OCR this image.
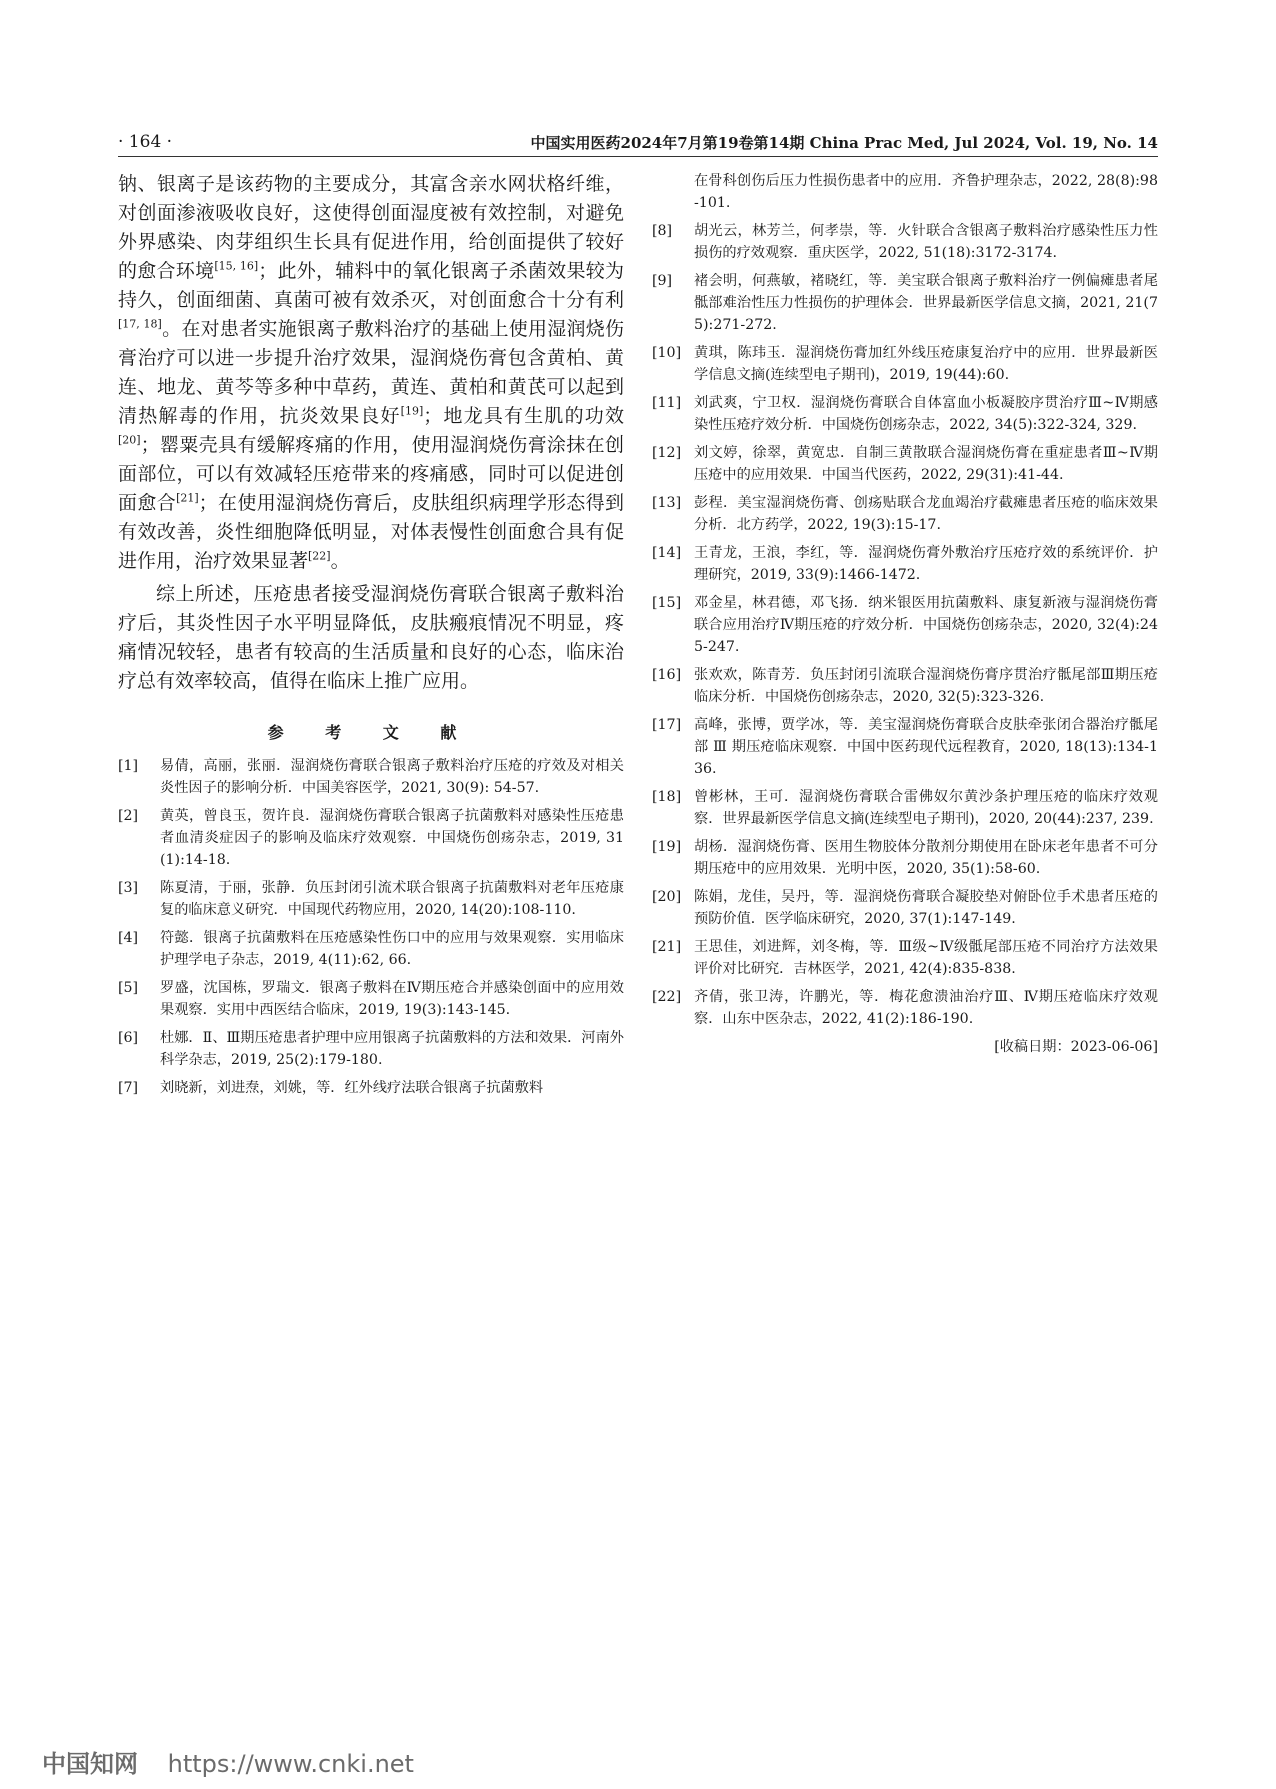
· 164 ·	中国实用医药2024年7月第19卷第14期 China Prac Med, Jul 2024, Vol. 19, No. 14

钠、银离子是该药物的主要成分，其富含亲水网状格纤维，对创面渗液吸收良好，这使得创面湿度被有效控制，对避免外界感染、肉芽组织生长具有促进作用，给创面提供了较好的愈合环境[15, 16]；此外，辅料中的氧化银离子杀菌效果较为持久，创面细菌、真菌可被有效杀灭，对创面愈合十分有利[17, 18]。在对患者实施银离子敷料治疗的基础上使用湿润烧伤膏治疗可以进一步提升治疗效果，湿润烧伤膏包含黄柏、黄连、地龙、黄芩等多种中草药，黄连、黄柏和黄芪可以起到清热解毒的作用，抗炎效果良好[19]；地龙具有生肌的功效[20]；罂粟壳具有缓解疼痛的作用，使用湿润烧伤膏涂抹在创面部位，可以有效减轻压疮带来的疼痛感，同时可以促进创面愈合[21]；在使用湿润烧伤膏后，皮肤组织病理学形态得到有效改善，炎性细胞降低明显，对体表慢性创面愈合具有促进作用，治疗效果显著[22]。

综上所述，压疮患者接受湿润烧伤膏联合银离子敷料治疗后，其炎性因子水平明显降低，皮肤瘢痕情况不明显，疼痛情况较轻，患者有较高的生活质量和良好的心态，临床治疗总有效率较高，值得在临床上推广应用。

参 考 文 献
[1]	易倩，高丽，张丽．湿润烧伤膏联合银离子敷料治疗压疮的疗效及对相关炎性因子的影响分析．中国美容医学，2021, 30(9): 54-57.
[2]	黄英，曾良玉，贺许良．湿润烧伤膏联合银离子抗菌敷料对感染性压疮患者血清炎症因子的影响及临床疗效观察．中国烧伤创疡杂志，2019, 31(1):14-18.
[3]	陈夏清，于丽，张静．负压封闭引流术联合银离子抗菌敷料对老年压疮康复的临床意义研究．中国现代药物应用，2020, 14(20):108-110.
[4]	符懿．银离子抗菌敷料在压疮感染性伤口中的应用与效果观察．实用临床护理学电子杂志，2019, 4(11):62, 66.
[5]	罗盛，沈国栋，罗瑞文．银离子敷料在Ⅳ期压疮合并感染创面中的应用效果观察．实用中西医结合临床，2019, 19(3):143-145.
[6]	杜娜．Ⅱ、Ⅲ期压疮患者护理中应用银离子抗菌敷料的方法和效果．河南外科学杂志，2019, 25(2):179-180.
[7]	刘晓新，刘进焘，刘姚，等．红外线疗法联合银离子抗菌敷料
在骨科创伤后压力性损伤患者中的应用．齐鲁护理杂志，2022, 28(8):98-101.
[8]	胡光云，林芳兰，何孝崇，等．火针联合含银离子敷料治疗感染性压力性损伤的疗效观察．重庆医学，2022, 51(18):3172-3174.
[9]	褚会明，何燕敏，褚晓红，等．美宝联合银离子敷料治疗一例偏瘫患者尾骶部难治性压力性损伤的护理体会．世界最新医学信息文摘，2021, 21(75):271-272.
[10] 黄琪，陈玮玉．湿润烧伤膏加红外线压疮康复治疗中的应用．世界最新医学信息文摘(连续型电子期刊)，2019, 19(44):60.
[11] 刘武爽，宁卫权．湿润烧伤膏联合自体富血小板凝胶序贯治疗Ⅲ~Ⅳ期感染性压疮疗效分析．中国烧伤创疡杂志，2022, 34(5):322-324, 329.
[12] 刘文婷，徐翠，黄宽忠．自制三黄散联合湿润烧伤膏在重症患者Ⅲ~Ⅳ期压疮中的应用效果．中国当代医药，2022, 29(31):41-44.
[13] 彭程．美宝湿润烧伤膏、创疡贴联合龙血竭治疗截瘫患者压疮的临床效果分析．北方药学，2022, 19(3):15-17.
[14] 王青龙，王浪，李红，等．湿润烧伤膏外敷治疗压疮疗效的系统评价．护理研究，2019, 33(9):1466-1472.
[15] 邓金星，林君德，邓飞扬．纳米银医用抗菌敷料、康复新液与湿润烧伤膏联合应用治疗Ⅳ期压疮的疗效分析．中国烧伤创疡杂志，2020, 32(4):245-247.
[16] 张欢欢，陈青芳．负压封闭引流联合湿润烧伤膏序贯治疗骶尾部Ⅲ期压疮临床分析．中国烧伤创疡杂志，2020, 32(5):323-326.
[17] 高峰，张博，贾学冰，等．美宝湿润烧伤膏联合皮肤牵张闭合器治疗骶尾部 Ⅲ 期压疮临床观察．中国中医药现代远程教育，2020, 18(13):134-136.
[18] 曾彬林，王可．湿润烧伤膏联合雷佛奴尔黄沙条护理压疮的临床疗效观察．世界最新医学信息文摘(连续型电子期刊)，2020, 20(44):237, 239.
[19] 胡杨．湿润烧伤膏、医用生物胶体分散剂分期使用在卧床老年患者不可分期压疮中的应用效果．光明中医，2020, 35(1):58-60.
[20] 陈娟，龙佳，吴丹，等．湿润烧伤膏联合凝胶垫对俯卧位手术患者压疮的预防价值．医学临床研究，2020, 37(1):147-149.
[21] 王思佳，刘进辉，刘冬梅，等．Ⅲ级~Ⅳ级骶尾部压疮不同治疗方法效果评价对比研究．吉林医学，2021, 42(4):835-838.
[22] 齐倩，张卫涛，许鹏光，等．梅花愈溃油治疗Ⅲ、Ⅳ期压疮临床疗效观察．山东中医杂志，2022, 41(2):186-190.
[收稿日期：2023-06-06]
中国知网 https://www.cnki.net
